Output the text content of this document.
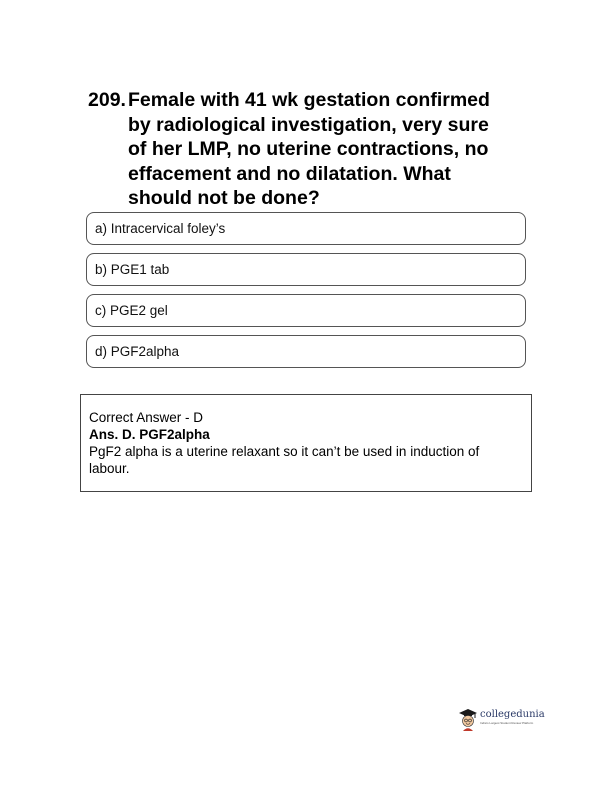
209. Female with 41 wk gestation confirmed
by radiological investigation, very sure
of her LMP, no uterine contractions, no
effacement and no dilatation. What
should not be done?
a) Intracervical foley’s
b) PGE1 tab
c) PGE2 gel
d) PGF2alpha
Correct Answer - D
Ans. D. PGF2alpha
PgF2 alpha is a uterine relaxant so it can’t be used in induction of
labour.
collegedunia
India's Largest Student Review Platform
